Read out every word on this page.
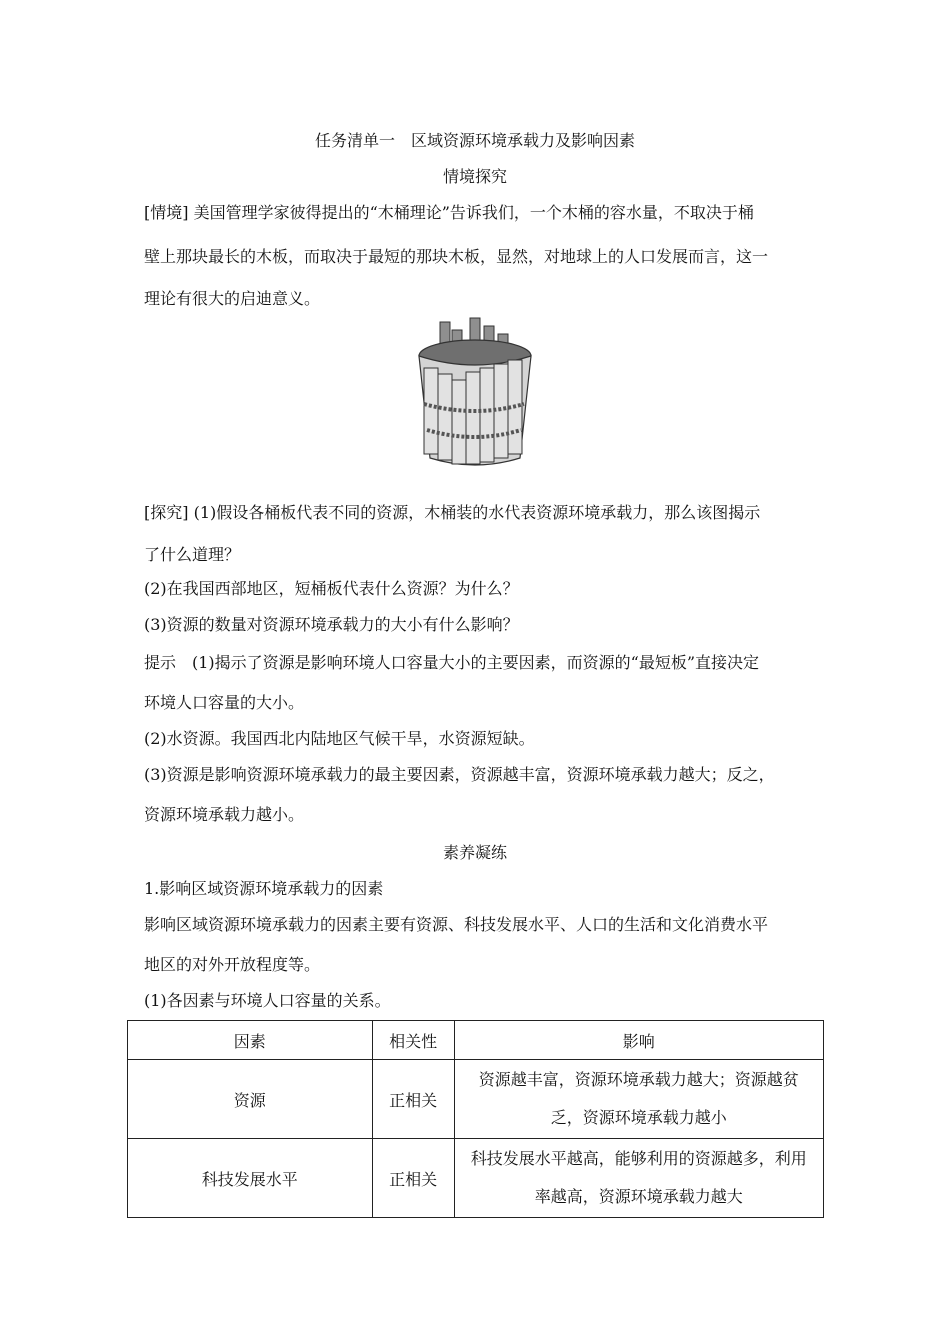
任务清单一　区域资源环境承载力及影响因素
情境探究
[情境] 美国管理学家彼得提出的“木桶理论”告诉我们，一个木桶的容水量，不取决于桶
壁上那块最长的木板，而取决于最短的那块木板，显然，对地球上的人口发展而言，这一
理论有很大的启迪意义。
[探究] (1)假设各桶板代表不同的资源，木桶装的水代表资源环境承载力，那么该图揭示
了什么道理？
(2)在我国西部地区，短桶板代表什么资源？为什么？
(3)资源的数量对资源环境承载力的大小有什么影响？
提示　(1)揭示了资源是影响环境人口容量大小的主要因素，而资源的“最短板”直接决定
环境人口容量的大小。
(2)水资源。我国西北内陆地区气候干旱，水资源短缺。
(3)资源是影响资源环境承载力的最主要因素，资源越丰富，资源环境承载力越大；反之，
资源环境承载力越小。
素养凝练
1.影响区域资源环境承载力的因素
影响区域资源环境承载力的因素主要有资源、科技发展水平、人口的生活和文化消费水平
地区的对外开放程度等。
(1)各因素与环境人口容量的关系。
因素	相关性	影响
资源	正相关	资源越丰富，资源环境承载力越大；资源越贫
乏，资源环境承载力越小

科技发展水平	正相关	科技发展水平越高，能够利用的资源越多，利用
率越高，资源环境承载力越大
